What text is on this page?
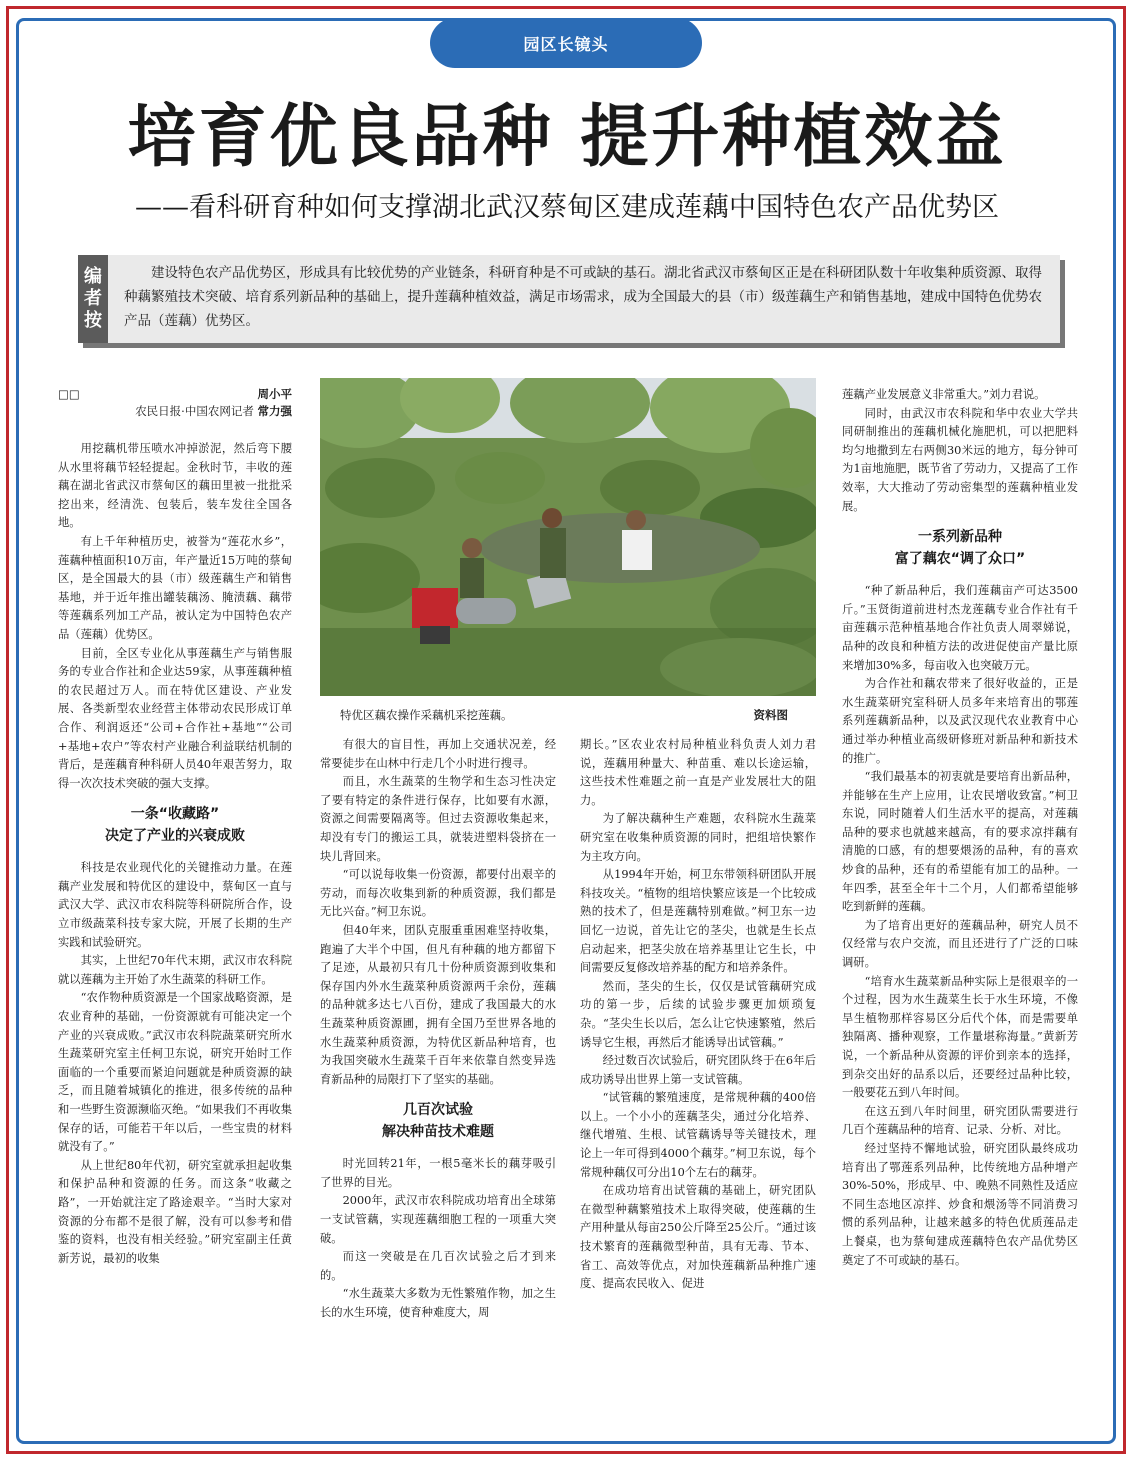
园区长镜头
培育优良品种 提升种植效益
——看科研育种如何支撑湖北武汉蔡甸区建成莲藕中国特色农产品优势区
编
者
按
建设特色农产品优势区，形成具有比较优势的产业链条，科研育种是不可或缺的基石。湖北省武汉市蔡甸区正是在科研团队数十年收集种质资源、取得种藕繁殖技术突破、培育系列新品种的基础上，提升莲藕种植效益，满足市场需求，成为全国最大的县（市）级莲藕生产和销售基地，建成中国特色优势农产品（莲藕）优势区。
□□	周小平
农民日报·中国农网记者 常力强

用挖藕机带压喷水冲掉淤泥，然后弯下腰从水里将藕节轻轻提起。金秋时节，丰收的莲藕在湖北省武汉市蔡甸区的藕田里被一批批采挖出来，经清洗、包装后，装车发往全国各地。

有上千年种植历史，被誉为“莲花水乡”，莲藕种植面积10万亩，年产量近15万吨的蔡甸区，是全国最大的县（市）级莲藕生产和销售基地，并于近年推出罐装藕汤、腌渍藕、藕带等莲藕系列加工产品，被认定为中国特色农产品（莲藕）优势区。

目前，全区专业化从事莲藕生产与销售服务的专业合作社和企业达59家，从事莲藕种植的农民超过万人。而在特优区建设、产业发展、各类新型农业经营主体带动农民形成订单合作、利润返还“公司+合作社+基地”“公司+基地+农户”等农村产业融合利益联结机制的背后，是莲藕育种科研人员40年艰苦努力，取得一次次技术突破的强大支撑。

一条“收藏路”
决定了产业的兴衰成败

科技是农业现代化的关键推动力量。在莲藕产业发展和特优区的建设中，蔡甸区一直与武汉大学、武汉市农科院等科研院所合作，设立市级蔬菜科技专家大院，开展了长期的生产实践和试验研究。

其实，上世纪70年代末期，武汉市农科院就以莲藕为主开始了水生蔬菜的科研工作。

“农作物种质资源是一个国家战略资源，是农业育种的基础，一份资源就有可能决定一个产业的兴衰成败。”武汉市农科院蔬菜研究所水生蔬菜研究室主任柯卫东说，研究开始时工作面临的一个重要而紧迫问题就是种质资源的缺乏，而且随着城镇化的推进，很多传统的品种和一些野生资源濒临灭绝。“如果我们不再收集保存的话，可能若干年以后，一些宝贵的材料就没有了。”

从上世纪80年代初，研究室就承担起收集和保护品种和资源的任务。而这条“收藏之路”，一开始就注定了路途艰辛。“当时大家对资源的分布都不是很了解，没有可以参考和借鉴的资料，也没有相关经验。”研究室副主任黄新芳说，最初的收集

特优区藕农操作采藕机采挖莲藕。	资料图

有很大的盲目性，再加上交通状况差，经常要徒步在山林中行走几个小时进行搜寻。

而且，水生蔬菜的生物学和生态习性决定了要有特定的条件进行保存，比如要有水源，资源之间需要隔离等。但过去资源收集起来，却没有专门的搬运工具，就装进塑料袋挤在一块儿背回来。

“可以说每收集一份资源，都要付出艰辛的劳动，而每次收集到新的种质资源，我们都是无比兴奋。”柯卫东说。

但40年来，团队克服重重困难坚持收集，跑遍了大半个中国，但凡有种藕的地方都留下了足迹，从最初只有几十份种质资源到收集和保存国内外水生蔬菜种质资源两千余份，莲藕的品种就多达七八百份，建成了我国最大的水生蔬菜种质资源圃，拥有全国乃至世界各地的水生蔬菜种质资源，为特优区新品种培育，也为我国突破水生蔬菜千百年来依靠自然变异选育新品种的局限打下了坚实的基础。

几百次试验
解决种苗技术难题

时光回转21年，一根5毫米长的藕芽吸引了世界的目光。

2000年，武汉市农科院成功培育出全球第一支试管藕，实现莲藕细胞工程的一项重大突破。

而这一突破是在几百次试验之后才到来的。

“水生蔬菜大多数为无性繁殖作物，加之生长的水生环境，使育种难度大，周

期长。”区农业农村局种植业科负责人刘力君说，莲藕用种量大、种苗重、难以长途运输，这些技术性难题之前一直是产业发展壮大的阻力。

为了解决藕种生产难题，农科院水生蔬菜研究室在收集种质资源的同时，把组培快繁作为主攻方向。

从1994年开始，柯卫东带领科研团队开展科技攻关。“植物的组培快繁应该是一个比较成熟的技术了，但是莲藕特别难做。”柯卫东一边回忆一边说，首先让它的茎尖，也就是生长点启动起来，把茎尖放在培养基里让它生长，中间需要反复修改培养基的配方和培养条件。

然而，茎尖的生长，仅仅是试管藕研究成功的第一步，后续的试验步骤更加烦琐复杂。“茎尖生长以后，怎么让它快速繁殖，然后诱导它生根，再然后才能诱导出试管藕。”

经过数百次试验后，研究团队终于在6年后成功诱导出世界上第一支试管藕。

“试管藕的繁殖速度，是常规种藕的400倍以上。一个小小的莲藕茎尖，通过分化培养、继代增殖、生根、试管藕诱导等关键技术，理论上一年可得到4000个藕芽。”柯卫东说，每个常规种藕仅可分出10个左右的藕芽。

在成功培育出试管藕的基础上，研究团队在微型种藕繁殖技术上取得突破，使莲藕的生产用种量从每亩250公斤降至25公斤。“通过该技术繁育的莲藕微型种苗，具有无毒、节本、省工、高效等优点，对加快莲藕新品种推广速度、提高农民收入、促进

莲藕产业发展意义非常重大。”刘力君说。

同时，由武汉市农科院和华中农业大学共同研制推出的莲藕机械化施肥机，可以把肥料均匀地撒到左右两侧30米远的地方，每分钟可为1亩地施肥，既节省了劳动力，又提高了工作效率，大大推动了劳动密集型的莲藕种植业发展。

一系列新品种
富了藕农“调了众口”

“种了新品种后，我们莲藕亩产可达3500斤。”玉贤街道前进村杰龙莲藕专业合作社有千亩莲藕示范种植基地合作社负责人周翠娣说，品种的改良和种植方法的改进促使亩产量比原来增加30%多，每亩收入也突破万元。

为合作社和藕农带来了很好收益的，正是水生蔬菜研究室科研人员多年来培育出的鄂莲系列莲藕新品种，以及武汉现代农业教育中心通过举办种植业高级研修班对新品种和新技术的推广。

“我们最基本的初衷就是要培育出新品种，并能够在生产上应用，让农民增收致富。”柯卫东说，同时随着人们生活水平的提高，对莲藕品种的要求也就越来越高，有的要求凉拌藕有清脆的口感，有的想要煨汤的品种，有的喜欢炒食的品种，还有的希望能有加工的品种。一年四季，甚至全年十二个月，人们都希望能够吃到新鲜的莲藕。

为了培育出更好的莲藕品种，研究人员不仅经常与农户交流，而且还进行了广泛的口味调研。

“培育水生蔬菜新品种实际上是很艰辛的一个过程，因为水生蔬菜生长于水生环境，不像旱生植物那样容易区分后代个体，而是需要单独隔离、播种观察，工作量堪称海量。”黄新芳说，一个新品种从资源的评价到亲本的选择，到杂交出好的品系以后，还要经过品种比较，一般要花五到八年时间。

在这五到八年时间里，研究团队需要进行几百个莲藕品种的培育、记录、分析、对比。

经过坚持不懈地试验，研究团队最终成功培育出了鄂莲系列品种，比传统地方品种增产30%-50%，形成早、中、晚熟不同熟性及适应不同生态地区凉拌、炒食和煨汤等不同消费习惯的系列品种，让越来越多的特色优质莲品走上餐桌，也为蔡甸建成莲藕特色农产品优势区奠定了不可或缺的基石。
